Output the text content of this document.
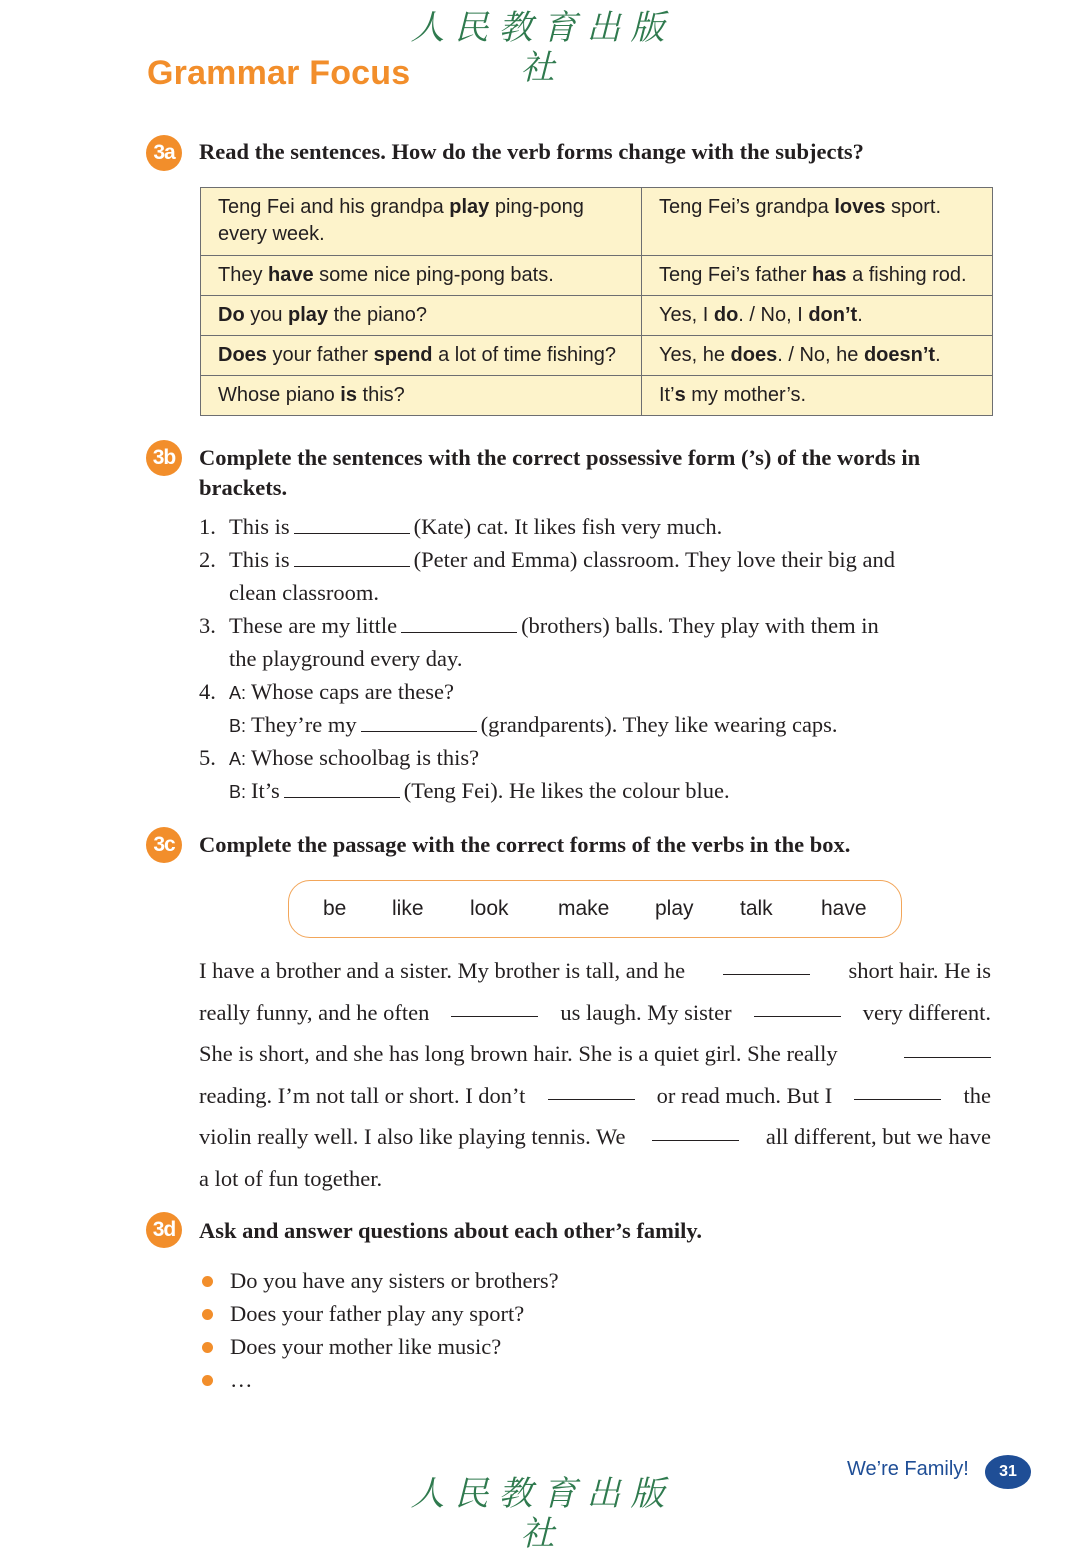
人民教育出版社
Grammar Focus
3a	Read the sentences. How do the verb forms change with the subjects?

Teng Fei and his grandpa play ping-pong every week.	Teng Fei’s grandpa loves sport.
They have some nice ping-pong bats.	Teng Fei’s father has a fishing rod.
Do you play the piano?	Yes, I do. / No, I don’t.
Does your father spend a lot of time fishing?	Yes, he does. / No, he doesn’t.
Whose piano is this?	It’s my mother’s.
3b	Complete the sentences with the correct possessive form (’s) of the words in brackets.

1. This is	(Kate) cat. It likes fish very much.
2. This is	(Peter and Emma) classroom. They love their big and
clean classroom.
3. These are my little	(brothers) balls. They play with them in
the playground every day.
4. A: Whose caps are these?
B: They’re my	(grandparents). They like wearing caps.
5. A: Whose schoolbag is this?
B: It’s	(Teng Fei). He likes the colour blue.
3c	Complete the passage with the correct forms of the verbs in the box.

be like look make play talk have
I have a brother and a sister. My brother is tall, and he	short hair. He is
really funny, and he often	us laugh. My sister	very different.
She is short, and she has long brown hair. She is a quiet girl. She really
reading. I’m not tall or short. I don’t	or read much. But I	the
violin really well. I also like playing tennis. We	all different, but we have
a lot of fun together.
3d	Ask and answer questions about each other’s family.

Do you have any sisters or brothers?
Does your father play any sport?
Does your mother like music?
…
We’re Family!	31
人民教育出版社
